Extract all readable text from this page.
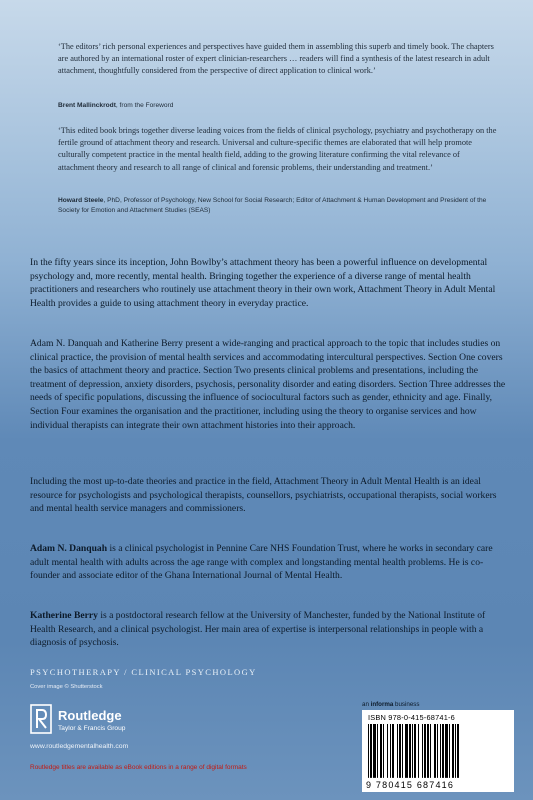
‘The editors’ rich personal experiences and perspectives have guided them in assembling this superb and timely book. The chapters are authored by an international roster of expert clinician-researchers … readers will find a synthesis of the latest research in adult attachment, thoughtfully considered from the perspective of direct application to clinical work.’

Brent Mallinckrodt, from the Foreword

‘This edited book brings together diverse leading voices from the fields of clinical psychology, psychiatry and psychotherapy on the fertile ground of attachment theory and research. Universal and culture-specific themes are elaborated that will help promote culturally competent practice in the mental health field, adding to the growing literature confirming the vital relevance of attachment theory and research to all range of clinical and forensic problems, their understanding and treatment.’

Howard Steele, PhD, Professor of Psychology, New School for Social Research; Editor of Attachment & Human Development and President of the Society for Emotion and Attachment Studies (SEAS)

In the fifty years since its inception, John Bowlby’s attachment theory has been a powerful influence on developmental psychology and, more recently, mental health. Bringing together the experience of a diverse range of mental health practitioners and researchers who routinely use attachment theory in their own work, Attachment Theory in Adult Mental Health provides a guide to using attachment theory in everyday practice.

Adam N. Danquah and Katherine Berry present a wide-ranging and practical approach to the topic that includes studies on clinical practice, the provision of mental health services and accommodating intercultural perspectives. Section One covers the basics of attachment theory and practice. Section Two presents clinical problems and presentations, including the treatment of depression, anxiety disorders, psychosis, personality disorder and eating disorders. Section Three addresses the needs of specific populations, discussing the influence of sociocultural factors such as gender, ethnicity and age. Finally, Section Four examines the organisation and the practitioner, including using the theory to organise services and how individual therapists can integrate their own attachment histories into their approach.

Including the most up-to-date theories and practice in the field, Attachment Theory in Adult Mental Health is an ideal resource for psychologists and psychological therapists, counsellors, psychiatrists, occupational therapists, social workers and mental health service managers and commissioners.

Adam N. Danquah is a clinical psychologist in Pennine Care NHS Foundation Trust, where he works in secondary care adult mental health with adults across the age range with complex and longstanding mental health problems. He is co-founder and associate editor of the Ghana International Journal of Mental Health.

Katherine Berry is a postdoctoral research fellow at the University of Manchester, funded by the National Institute of Health Research, and a clinical psychologist. Her main area of expertise is interpersonal relationships in people with a diagnosis of psychosis.

PSYCHOTHERAPY / CLINICAL PSYCHOLOGY
Cover image © Shutterstock
Routledge
Taylor & Francis Group
www.routledgementalhealth.com
Routledge titles are available as eBook editions in a range of digital formats
an informa business
ISBN 978-0-415-68741-6
9 780415 687416
